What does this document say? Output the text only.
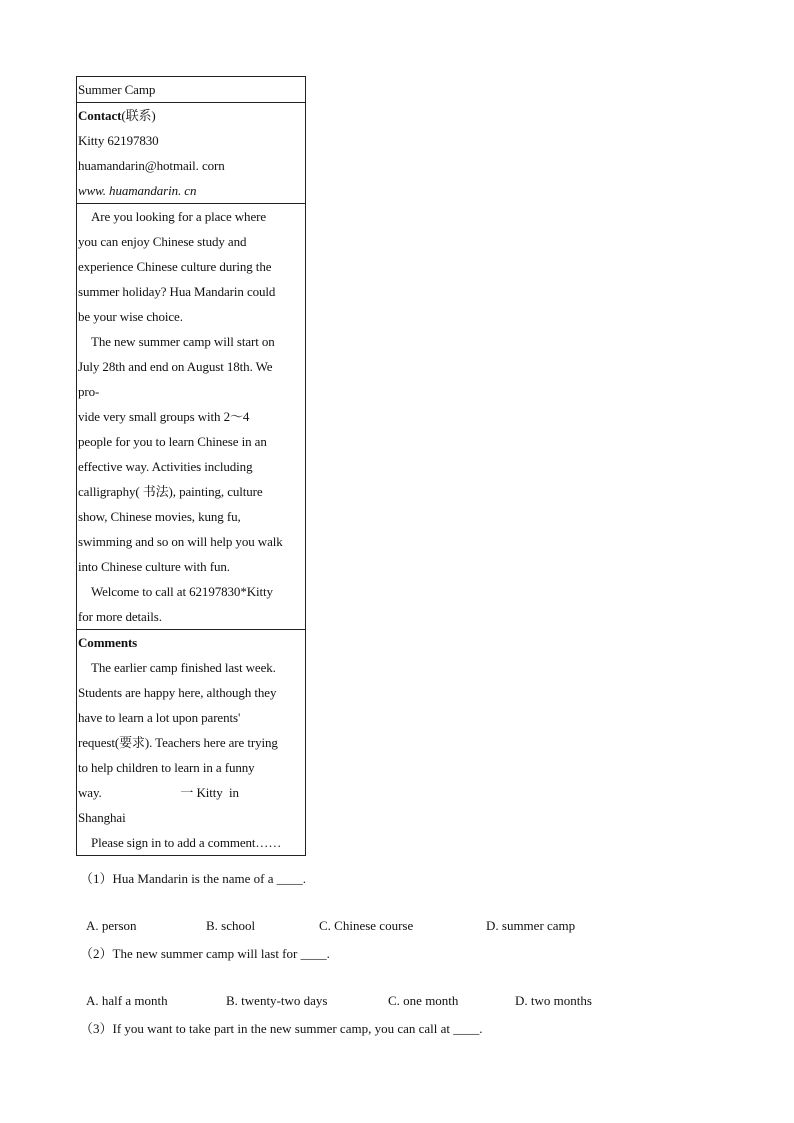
Summer Camp
Contact(联系)
Kitty 62197830
huamandarin@hotmail. corn
www. huamandarin. cn
Are you looking for a place where
you can enjoy Chinese study and
experience Chinese culture during the
summer holiday? Hua Mandarin could
be your wise choice.
The new summer camp will start on
July 28th and end on August 18th. We
pro-
vide very small groups with 2～4
people for you to learn Chinese in an
effective way. Activities including
calligraphy( 书法), painting, culture
show, Chinese movies, kung fu,
swimming and so on will help you walk
into Chinese culture with fun.
Welcome to call at 62197830*Kitty
for more details.
Comments
The earlier camp finished last week.
Students are happy here, although they
have to learn a lot upon parents'
request(要求). Teachers here are trying
to help children to learn in a funny
way.                         一 Kitty  in
Shanghai
Please sign in to add a comment……
（1）Hua Mandarin is the name of a ____.
A. person	B. school	C. Chinese course	D. summer camp
（2）The new summer camp will last for ____.
A. half a month	B. twenty-two days	C. one month	D. two months
（3）If you want to take part in the new summer camp, you can call at ____.
